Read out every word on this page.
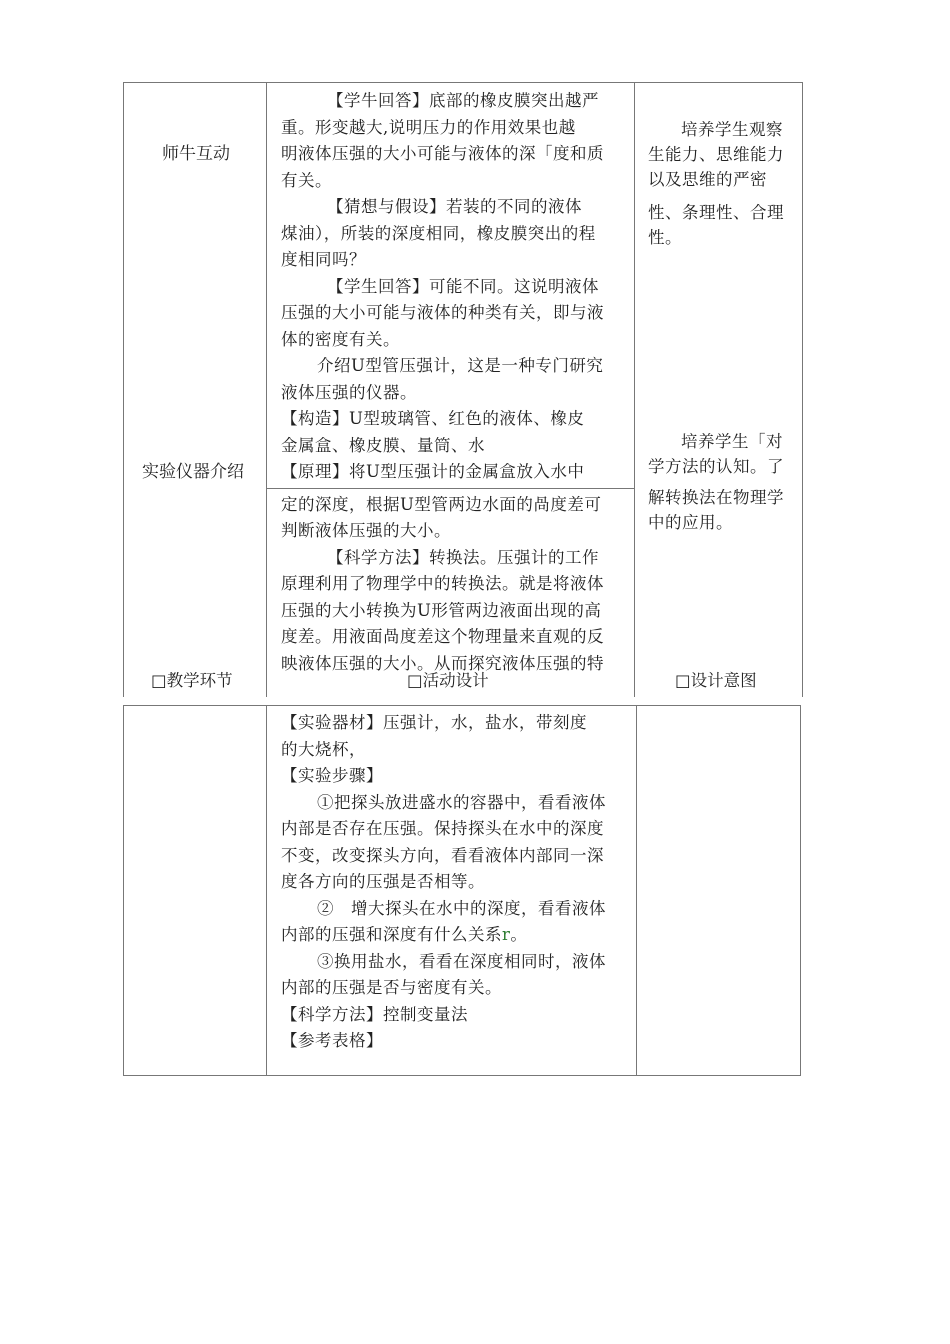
师牛互动
实验仪器介绍

【学牛回答】底部的橡皮膜突出越严

重。形变越大,说明压力的作用效果也越

明液体压强的大小可能与液体的深「度和质

有关。

【猜想与假设】若装的不同的液体

煤油），所装的深度相同，橡皮膜突出的程

度相同吗？

【学生回答】可能不同。这说明液体

压强的大小可能与液体的种类有关，即与液

体的密度有关。

介绍U型管压强计，这是一种专门研究

液体压强的仪器。

【构造】U型玻璃管、红色的液体、橡皮

金属盒、橡皮膜、量筒、水

【原理】将U型压强计的金属盒放入水中

定的深度，根据U型管两边水面的咼度差可

判断液体压强的大小。

【科学方法】转换法。压强计的工作

原理利用了物理学中的转换法。就是将液体

压强的大小转换为U形管两边液面出现的高

度差。用液面咼度差这个物理量来直观的反

映液体压强的大小。从而探究液体压强的特

培养学生观察

生能力、思维能力

以及思维的严密

性、条理性、合理

性。

培养学生「对

学方法的认知。了

解转换法在物理学

中的应用。

□教学环节	□活动设计	□设计意图

【实验器材】压强计，水，盐水，带刻度

的大烧杯，

【实验步骤】

①把探头放进盛水的容器中，看看液体

内部是否存在压强。保持探头在水中的深度

不变，改变探头方向，看看液体内部同一深

度各方向的压强是否相等。

②　增大探头在水中的深度，看看液体

内部的压强和深度有什么关系r。

③换用盐水，看看在深度相同时，液体

内部的压强是否与密度有关。

【科学方法】控制变量法

【参考表格】
